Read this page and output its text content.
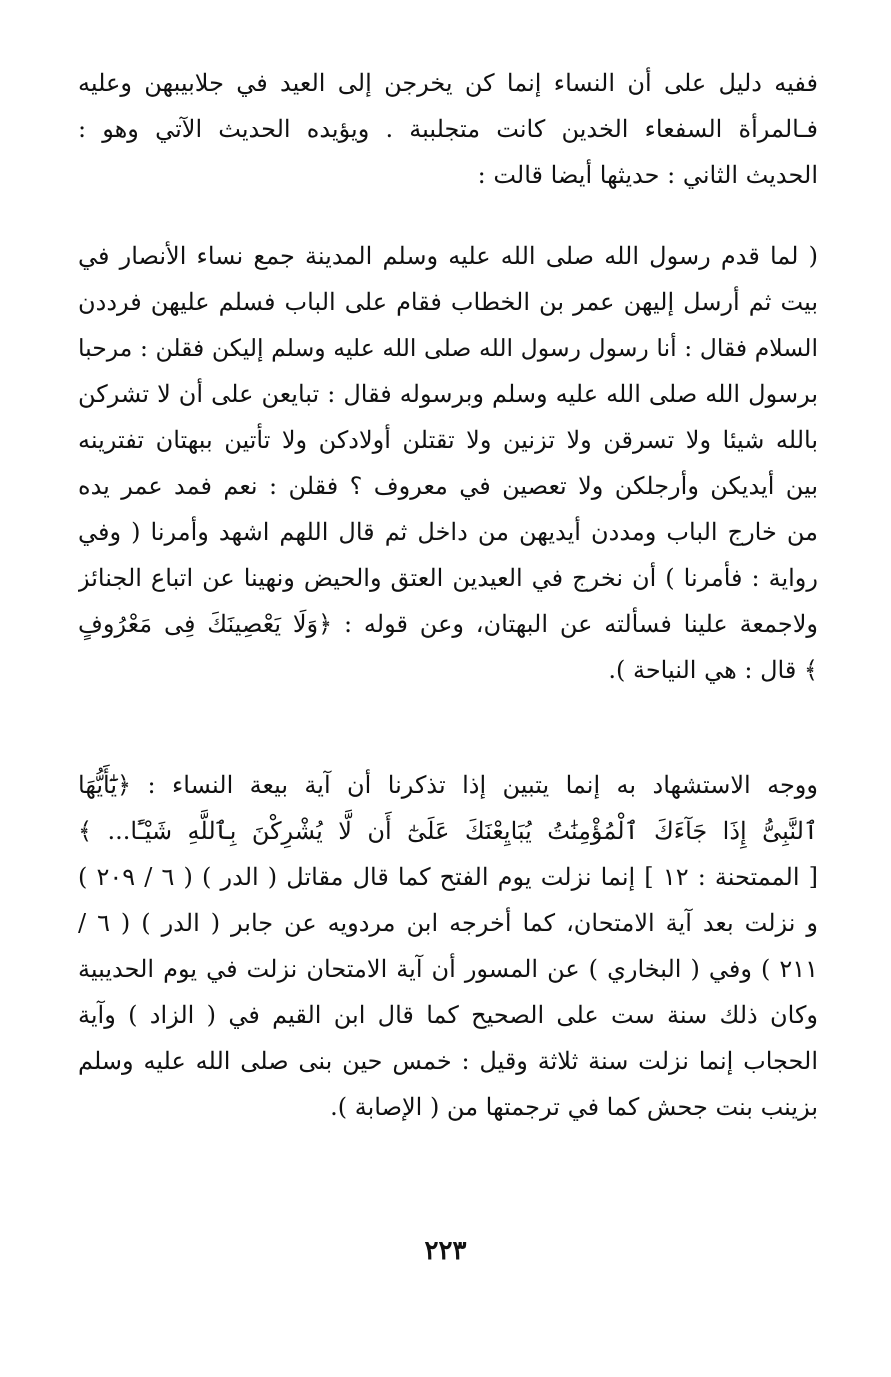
ففيه دليل على أن النساء إنما كن يخرجن إلى العيد في جلابيبهن وعليه
فـالمرأة السفعاء الخدين كانت متجلببة . ويؤيده الحديث الآتي وهو :
الحديث الثاني : حديثها أيضا قالت :
( لما قدم رسول الله صلى الله عليه وسلم المدينة جمع نساء الأنصار في
بيت ثم أرسل إليهن عمر بن الخطاب فقام على الباب فسلم عليهن فرددن
السلام فقال : أنا رسول رسول الله صلى الله عليه وسلم إليكن فقلن : مرحبا
برسول الله صلى الله عليه وسلم وبرسوله فقال : تبايعن على أن لا تشركن
بالله شيئا ولا تسرقن ولا تزنين ولا تقتلن أولادكن ولا تأتين ببهتان تفترينه
بين أيديكن وأرجلكن ولا تعصين في معروف ؟ فقلن : نعم فمد عمر يده
من خارج الباب ومددن أيديهن من داخل ثم قال اللهم اشهد وأمرنا ( وفي
رواية : فأمرنا ) أن نخرج في العيدين العتق والحيض ونهينا عن اتباع الجنائز
ولاجمعة علينا فسألته عن البهتان، وعن قوله : ﴿وَلَا يَعْصِينَكَ فِى مَعْرُوفٍ
﴾ قال : هي النياحة ).
ووجه الاستشهاد به إنما يتبين إذا تذكرنا أن آية بيعة النساء : ﴿يَٰٓأَيُّهَا
ٱلنَّبِىُّ إِذَا جَآءَكَ ٱلْمُؤْمِنَٰتُ يُبَايِعْنَكَ عَلَىٰٓ أَن لَّا يُشْرِكْنَ بِٱللَّهِ شَيْـًٔا... ﴾
[ الممتحنة : ١٢ ] إنما نزلت يوم الفتح كما قال مقاتل ( الدر ) ( ٦ / ٢٠٩ )
و نزلت بعد آية الامتحان، كما أخرجه ابن مردويه عن جابر ( الدر ) ( ٦ /
٢١١ ) وفي ( البخاري ) عن المسور أن آية الامتحان نزلت في يوم الحديبية
وكان ذلك سنة ست على الصحيح كما قال ابن القيم في ( الزاد ) وآية
الحجاب إنما نزلت سنة ثلاثة وقيل : خمس حين بنى صلى الله عليه وسلم
بزينب بنت جحش كما في ترجمتها من ( الإصابة ).
٢٢٣
